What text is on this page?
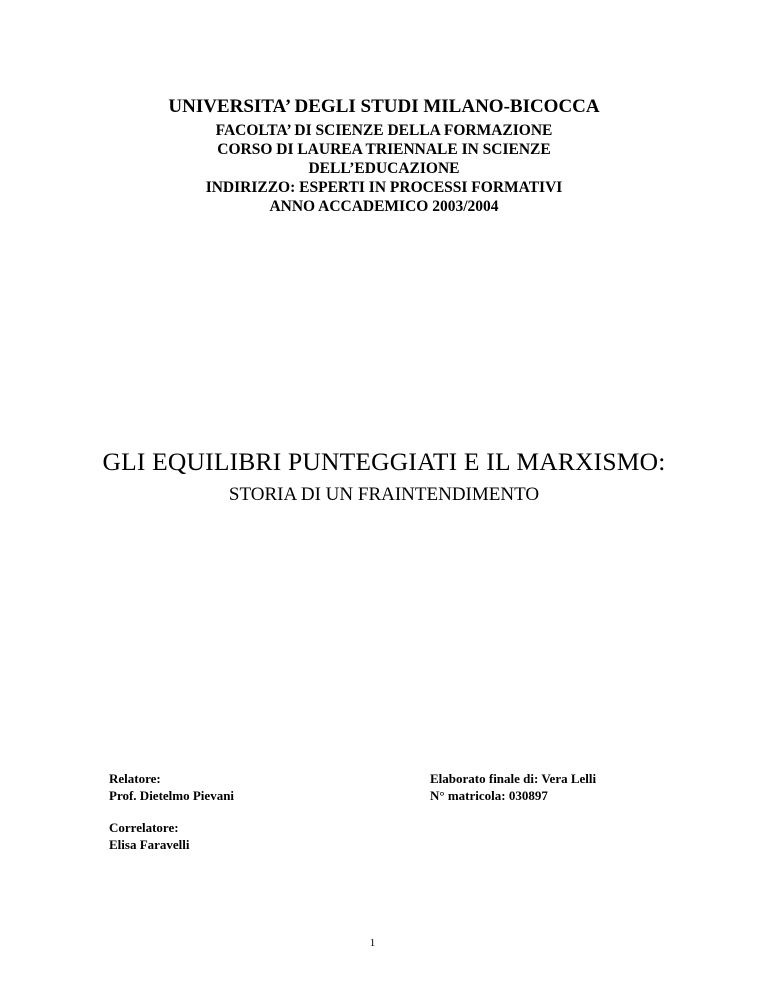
UNIVERSITA’ DEGLI STUDI MILANO-BICOCCA
FACOLTA’ DI SCIENZE DELLA FORMAZIONE
CORSO DI LAUREA TRIENNALE IN SCIENZE
DELL’EDUCAZIONE
INDIRIZZO: ESPERTI IN PROCESSI FORMATIVI
ANNO ACCADEMICO 2003/2004
GLI EQUILIBRI PUNTEGGIATI E IL MARXISMO:
STORIA DI UN FRAINTENDIMENTO
Relatore:
Prof. Dietelmo Pievani
Elaborato finale di: Vera Lelli
N° matricola: 030897
Correlatore:
Elisa Faravelli
1
